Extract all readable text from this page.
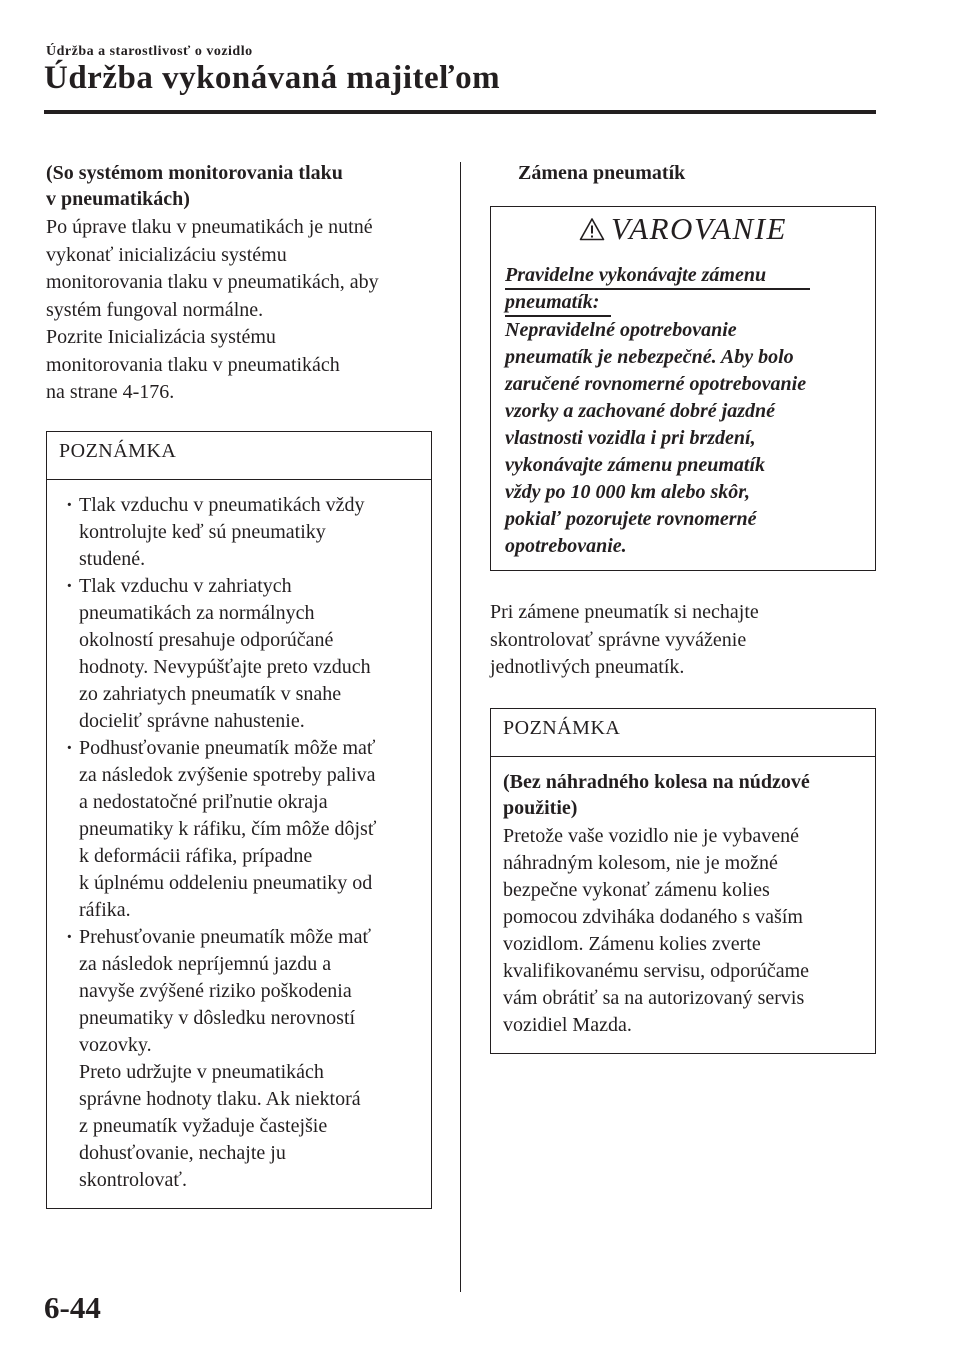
Údržba a starostlivosť o vozidlo
Údržba vykonávaná majiteľom
(So systémom monitorovania tlaku
v pneumatikách)

Po úprave tlaku v pneumatikách je nutné

vykonať inicializáciu systému

monitorovania tlaku v pneumatikách, aby

systém fungoval normálne.

Pozrite Inicializácia systému

monitorovania tlaku v pneumatikách

na strane 4-176.

POZNÁMKA
· Tlak vzduchu v pneumatikách vždy
kontrolujte keď sú pneumatiky
studené.
· Tlak vzduchu v zahriatych
pneumatikách za normálnych
okolností presahuje odporúčané
hodnoty. Nevypúšťajte preto vzduch
zo zahriatych pneumatík v snahe
docieliť správne nahustenie.
· Podhusťovanie pneumatík môže mať
za následok zvýšenie spotreby paliva
a nedostatočné priľnutie okraja
pneumatiky k ráfiku, čím môže dôjsť
k deformácii ráfika, prípadne
k úplnému oddeleniu pneumatiky od
ráfika.
· Prehusťovanie pneumatík môže mať
za následok nepríjemnú jazdu a
navyše zvýšené riziko poškodenia
pneumatiky v dôsledku nerovností
vozovky.
Preto udržujte v pneumatikách
správne hodnoty tlaku. Ak niektorá
z pneumatík vyžaduje častejšie
dohusťovanie, nechajte ju
skontrolovať.
Zámena pneumatík
VAROVANIE
Pravidelne vykonávajte zámenu
pneumatík:
Nepravidelné opotrebovanie
pneumatík je nebezpečné. Aby bolo
zaručené rovnomerné opotrebovanie
vzorky a zachované dobré jazdné
vlastnosti vozidla i pri brzdení,
vykonávajte zámenu pneumatík
vždy po 10 000 km alebo skôr,
pokiaľ pozorujete rovnomerné
opotrebovanie.

Pri zámene pneumatík si nechajte

skontrolovať správne vyváženie

jednotlivých pneumatík.

POZNÁMKA
(Bez náhradného kolesa na núdzové
použitie)
Pretože vaše vozidlo nie je vybavené
náhradným kolesom, nie je možné
bezpečne vykonať zámenu kolies
pomocou zdviháka dodaného s vaším
vozidlom. Zámenu kolies zverte
kvalifikovanému servisu, odporúčame
vám obrátiť sa na autorizovaný servis
vozidiel Mazda.
6-44
